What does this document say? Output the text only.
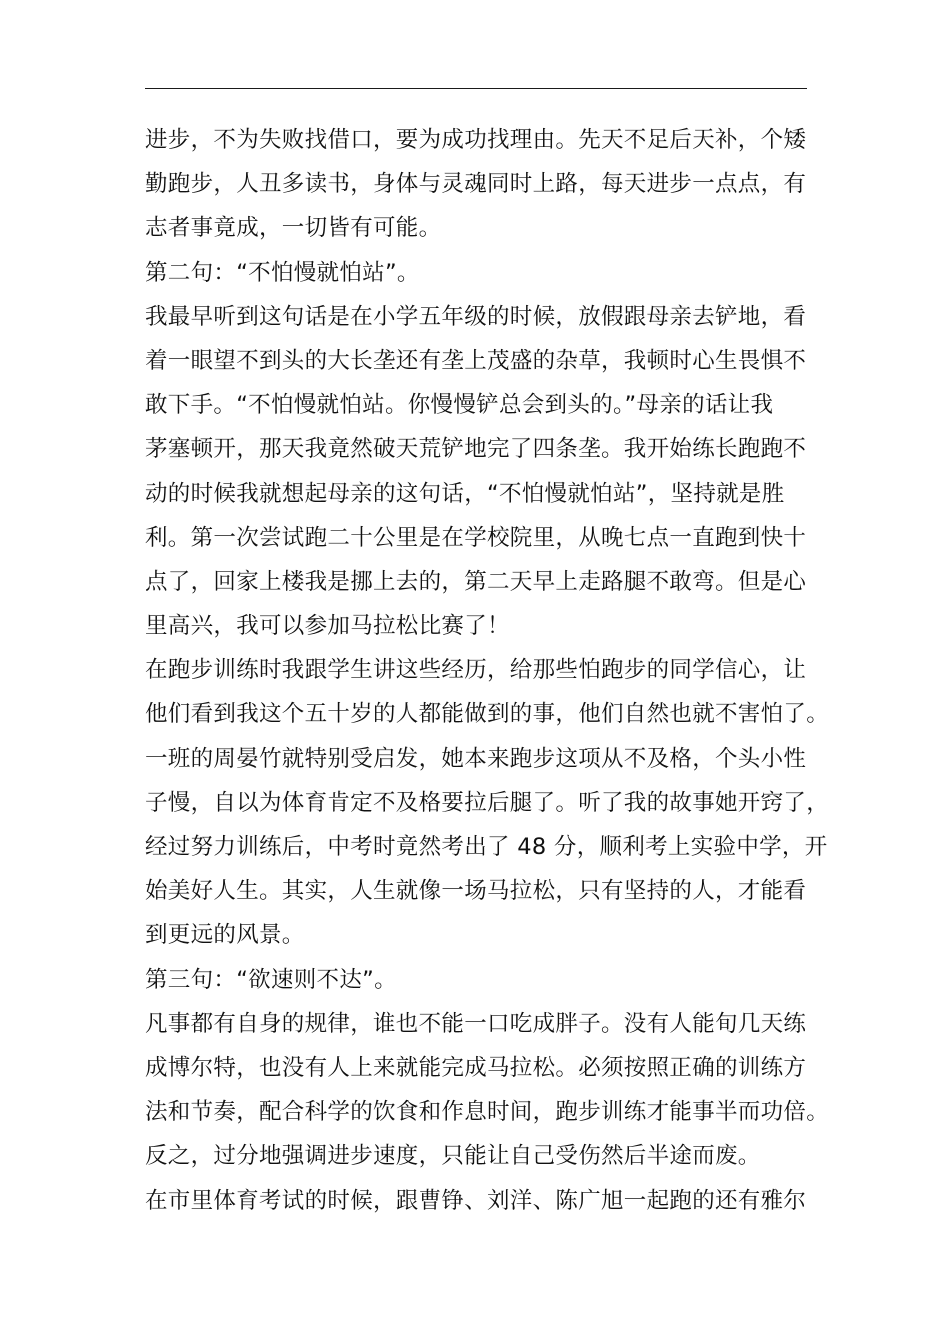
进步，不为失败找借口，要为成功找理由。先天不足后天补，个矮
勤跑步，人丑多读书，身体与灵魂同时上路，每天进步一点点，有
志者事竟成，一切皆有可能。
第二句：“不怕慢就怕站”。
我最早听到这句话是在小学五年级的时候，放假跟母亲去铲地，看
着一眼望不到头的大长垄还有垄上茂盛的杂草，我顿时心生畏惧不
敢下手。“不怕慢就怕站。你慢慢铲总会到头的。”母亲的话让我
茅塞顿开，那天我竟然破天荒铲地完了四条垄。我开始练长跑跑不
动的时候我就想起母亲的这句话，“不怕慢就怕站”，坚持就是胜
利。第一次尝试跑二十公里是在学校院里，从晚七点一直跑到快十
点了，回家上楼我是挪上去的，第二天早上走路腿不敢弯。但是心
里高兴，我可以参加马拉松比赛了！
在跑步训练时我跟学生讲这些经历，给那些怕跑步的同学信心，让
他们看到我这个五十岁的人都能做到的事，他们自然也就不害怕了。
一班的周晏竹就特别受启发，她本来跑步这项从不及格，个头小性
子慢，自以为体育肯定不及格要拉后腿了。听了我的故事她开窍了，
经过努力训练后，中考时竟然考出了 48 分，顺利考上实验中学，开
始美好人生。其实，人生就像一场马拉松，只有坚持的人，才能看
到更远的风景。
第三句：“欲速则不达”。
凡事都有自身的规律，谁也不能一口吃成胖子。没有人能旬几天练
成博尔特，也没有人上来就能完成马拉松。必须按照正确的训练方
法和节奏，配合科学的饮食和作息时间，跑步训练才能事半而功倍。
反之，过分地强调进步速度，只能让自己受伤然后半途而废。
在市里体育考试的时候，跟曹铮、刘洋、陈广旭一起跑的还有雅尔
